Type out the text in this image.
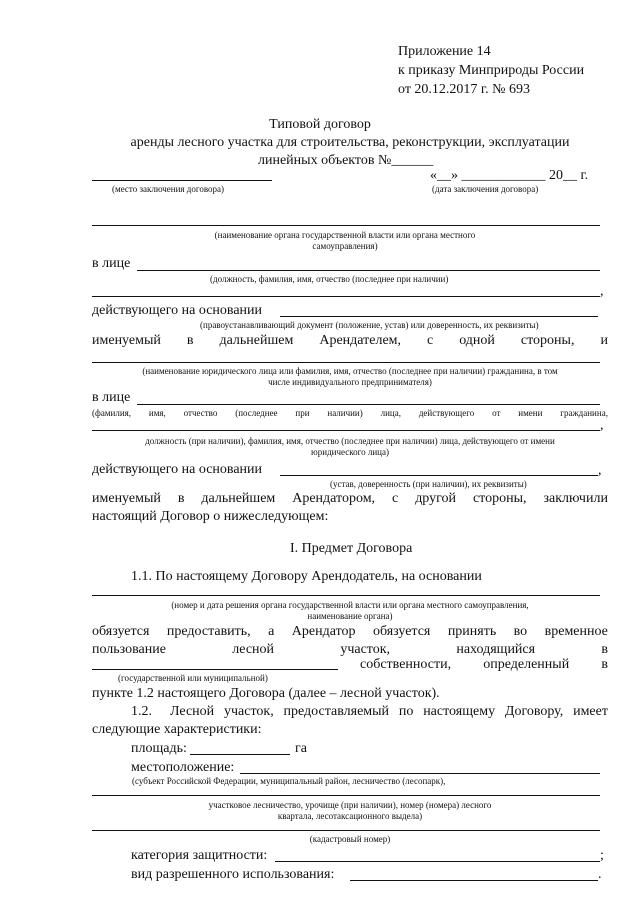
Приложение 14
к приказу Минприроды России
от 20.12.2017 г. № 693
Типовой договор
аренды лесного участка для строительства, реконструкции, эксплуатации
линейных объектов №______
«__» ____________ 20__ г.
(место заключения договора)	(дата заключения договора)
(наименование органа государственной власти или органа местного
самоуправления)
в лице
(должность, фамилия, имя, отчество (последнее при наличии)
,
действующего на основании
(правоустанавливающий документ (положение, устав) или доверенность, их реквизиты)
именуемый в дальнейшем Арендателем, с одной стороны, и
(наименование юридического лица или фамилия, имя, отчество (последнее при наличии) гражданина, в том
числе индивидуального предпринимателя)
в лице
(фамилия, имя, отчество (последнее при наличии) лица, действующего от имени гражданина,
,
должность (при наличии), фамилия, имя, отчество (последнее при наличии) лица, действующего от имени
юридического лица)
действующего на основании	,
(устав, доверенность (при наличии), их реквизиты)
именуемый в дальнейшем Арендатором, с другой стороны, заключили
настоящий Договор о нижеследующем:
I. Предмет Договора
1.1. По настоящему Договору Арендодатель, на основании
(номер и дата решения органа государственной власти или органа местного самоуправления,
наименование органа)
обязуется предоставить, а Арендатор обязуется принять во временное
пользование	лесной	участок,	находящийся	в
собственности, определенный в
(государственной или муниципальной)
пункте 1.2 настоящего Договора (далее – лесной участок).
1.2. Лесной участок, предоставляемый по настоящему Договору, имеет
следующие характеристики:
площадь:	га
местоположение:
(субъект Российской Федерации, муниципальный район, лесничество (лесопарк),
участковое лесничество, урочище (при наличии), номер (номера) лесного
квартала, лесотаксационного выдела)
(кадастровый номер)
категория защитности:	;
вид разрешенного использования:	.
